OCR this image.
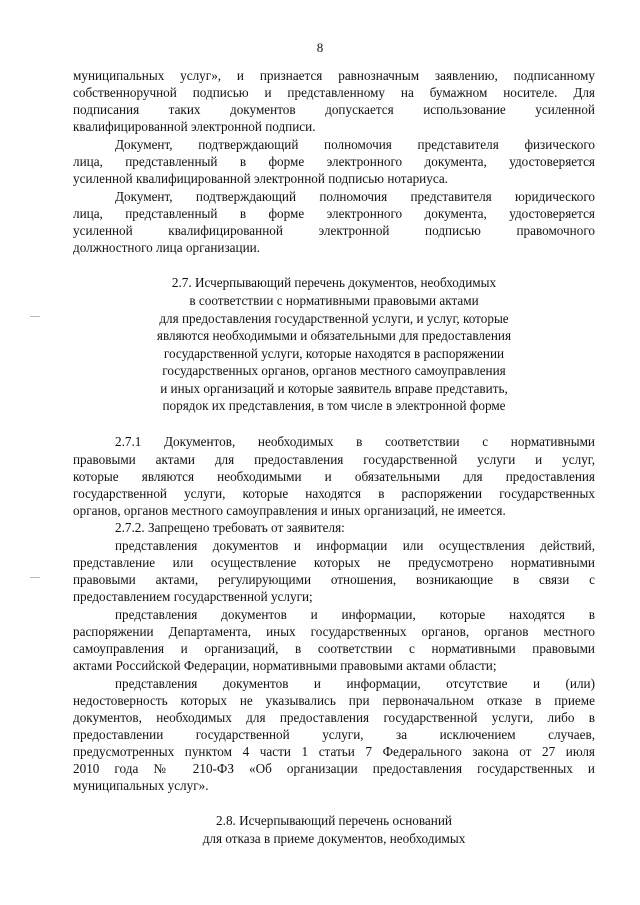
8
муниципальных услуг», и признается равнозначным заявлению, подписанному
собственноручной подписью и представленному на бумажном носителе. Для
подписания таких документов допускается использование усиленной
квалифицированной электронной подписи.
Документ, подтверждающий полномочия представителя физического
лица, представленный в форме электронного документа, удостоверяется
усиленной квалифицированной электронной подписью нотариуса.
Документ, подтверждающий полномочия представителя юридического
лица, представленный в форме электронного документа, удостоверяется
усиленной квалифицированной электронной подписью правомочного
должностного лица организации.
2.7. Исчерпывающий перечень документов, необходимых
в соответствии с нормативными правовыми актами
для предоставления государственной услуги, и услуг, которые
являются необходимыми и обязательными для предоставления
государственной услуги, которые находятся в распоряжении
государственных органов, органов местного самоуправления
и иных организаций и которые заявитель вправе представить,
порядок их представления, в том числе в электронной форме
2.7.1 Документов, необходимых в соответствии с нормативными
правовыми актами для предоставления государственной услуги и услуг,
которые являются необходимыми и обязательными для предоставления
государственной услуги, которые находятся в распоряжении государственных
органов, органов местного самоуправления и иных организаций, не имеется.
2.7.2. Запрещено требовать от заявителя:
представления документов и информации или осуществления действий,
представление или осуществление которых не предусмотрено нормативными
правовыми актами, регулирующими отношения, возникающие в связи с
предоставлением государственной услуги;
представления документов и информации, которые находятся в
распоряжении Департамента, иных государственных органов, органов местного
самоуправления и организаций, в соответствии с нормативными правовыми
актами Российской Федерации, нормативными правовыми актами области;
представления документов и информации, отсутствие и (или)
недостоверность которых не указывались при первоначальном отказе в приеме
документов, необходимых для предоставления государственной услуги, либо в
предоставлении государственной услуги, за исключением случаев,
предусмотренных пунктом 4 части 1 статьи 7 Федерального закона от 27 июля
2010 года № 210-ФЗ «Об организации предоставления государственных и
муниципальных услуг».
2.8. Исчерпывающий перечень оснований
для отказа в приеме документов, необходимых
